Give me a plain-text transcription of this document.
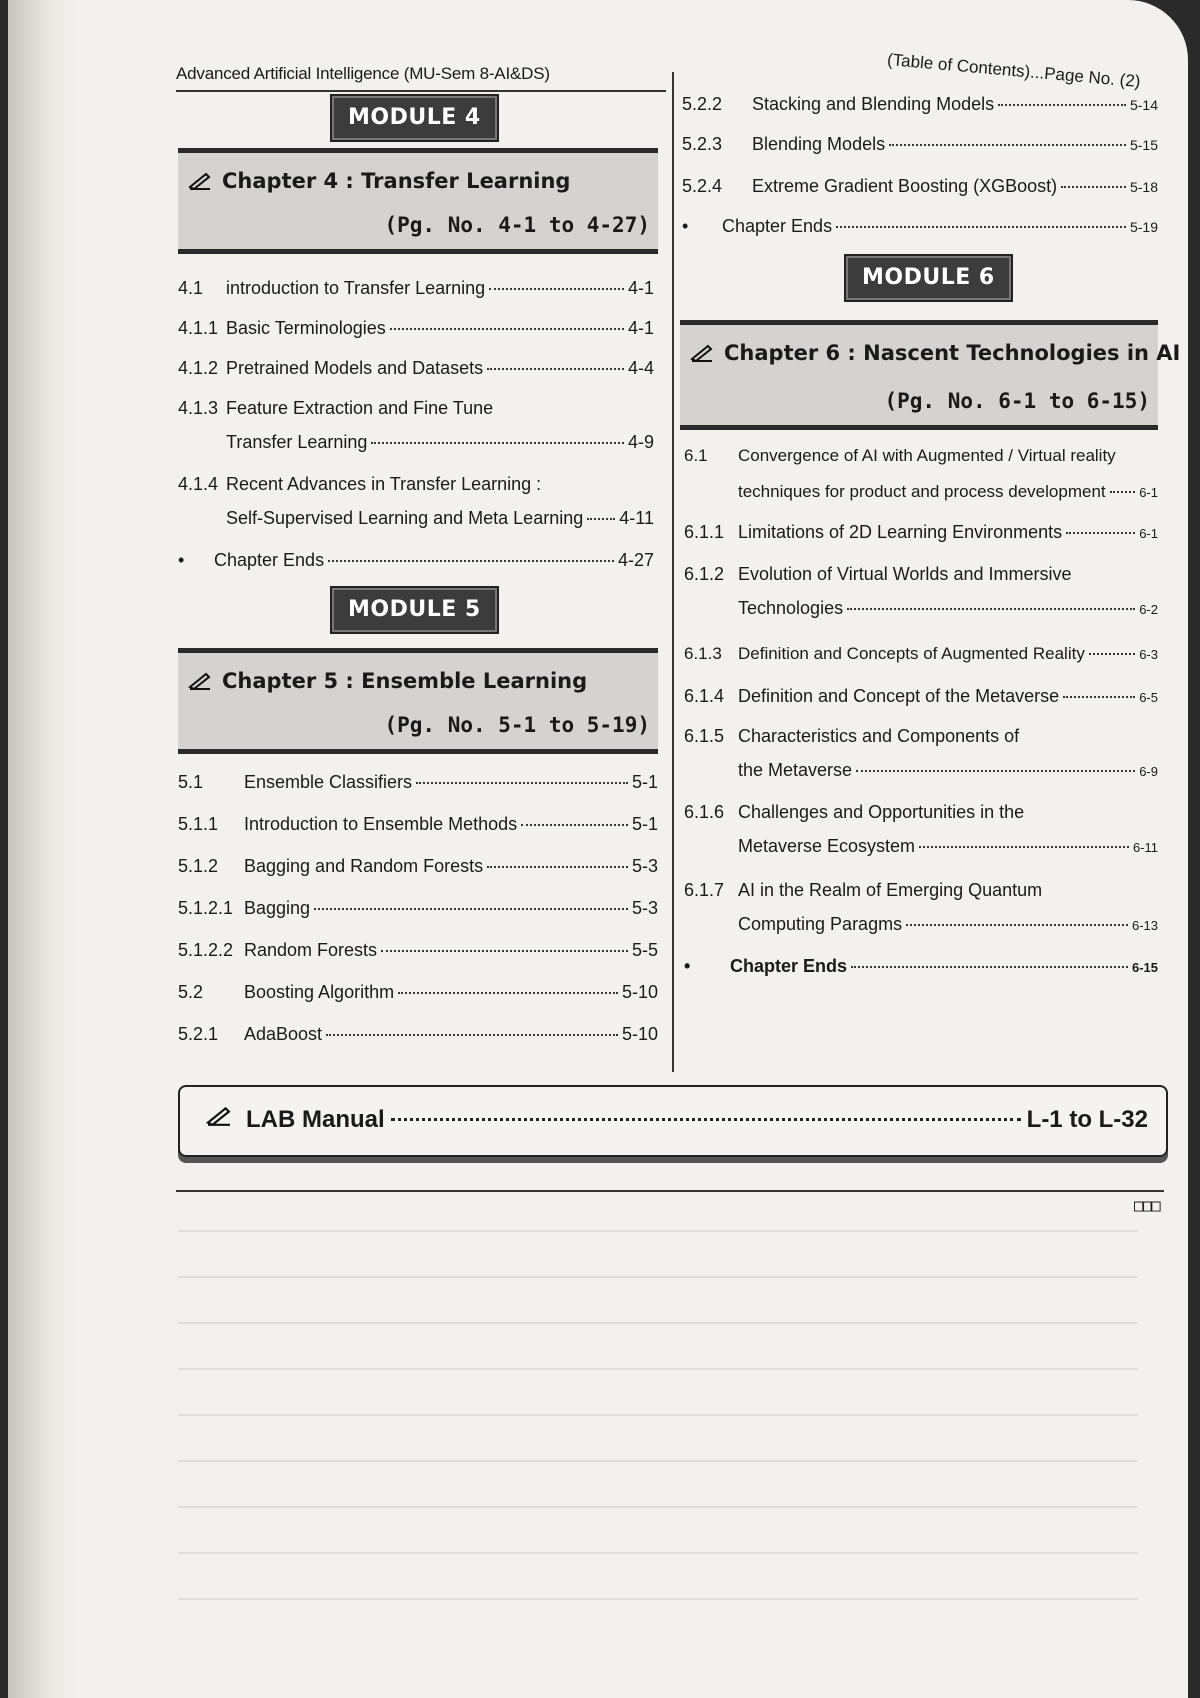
Advanced Artificial Intelligence (MU-Sem 8-AI&DS)	(Table of Contents)...Page No. (2)
MODULE 4
Chapter 4 : Transfer Learning
(Pg. No. 4-1 to 4-27)
4.1	introduction to Transfer Learning	4-1
4.1.1 Basic Terminologies	4-1
4.1.2 Pretrained Models and Datasets	4-4
4.1.3 Feature Extraction and Fine Tune
Transfer Learning	4-9
4.1.4 Recent Advances in Transfer Learning :
Self-Supervised Learning and Meta Learning 4-11
•	Chapter Ends	4-27
MODULE 5
Chapter 5 : Ensemble Learning
(Pg. No. 5-1 to 5-19)
5.1	Ensemble Classifiers	5-1
5.1.1	Introduction to Ensemble Methods	5-1
5.1.2	Bagging and Random Forests	5-3
5.1.2.1 Bagging	5-3
5.1.2.2 Random Forests	5-5
5.2	Boosting Algorithm	5-10
5.2.1	AdaBoost	5-10
5.2.2	Stacking and Blending Models	5-14
5.2.3	Blending Models	5-15
5.2.4	Extreme Gradient Boosting (XGBoost)	5-18
•	Chapter Ends	5-19
MODULE 6
Chapter 6 : Nascent Technologies in AI
(Pg. No. 6-1 to 6-15)
6.1 Convergence of AI with Augmented / Virtual reality
techniques for product and process development	6-1
6.1.1 Limitations of 2D Learning Environments	6-1
6.1.2 Evolution of Virtual Worlds and Immersive
Technologies	6-2
6.1.3 Definition and Concepts of Augmented Reality	6-3
6.1.4 Definition and Concept of the Metaverse	6-5
6.1.5 Characteristics and Components of
the Metaverse	6-9
6.1.6 Challenges and Opportunities in the
Metaverse Ecosystem	6-11
6.1.7 AI in the Realm of Emerging Quantum
Computing Paragms	6-13
•	Chapter Ends	6-15
LAB Manual	L-1 to L-32
□□□
